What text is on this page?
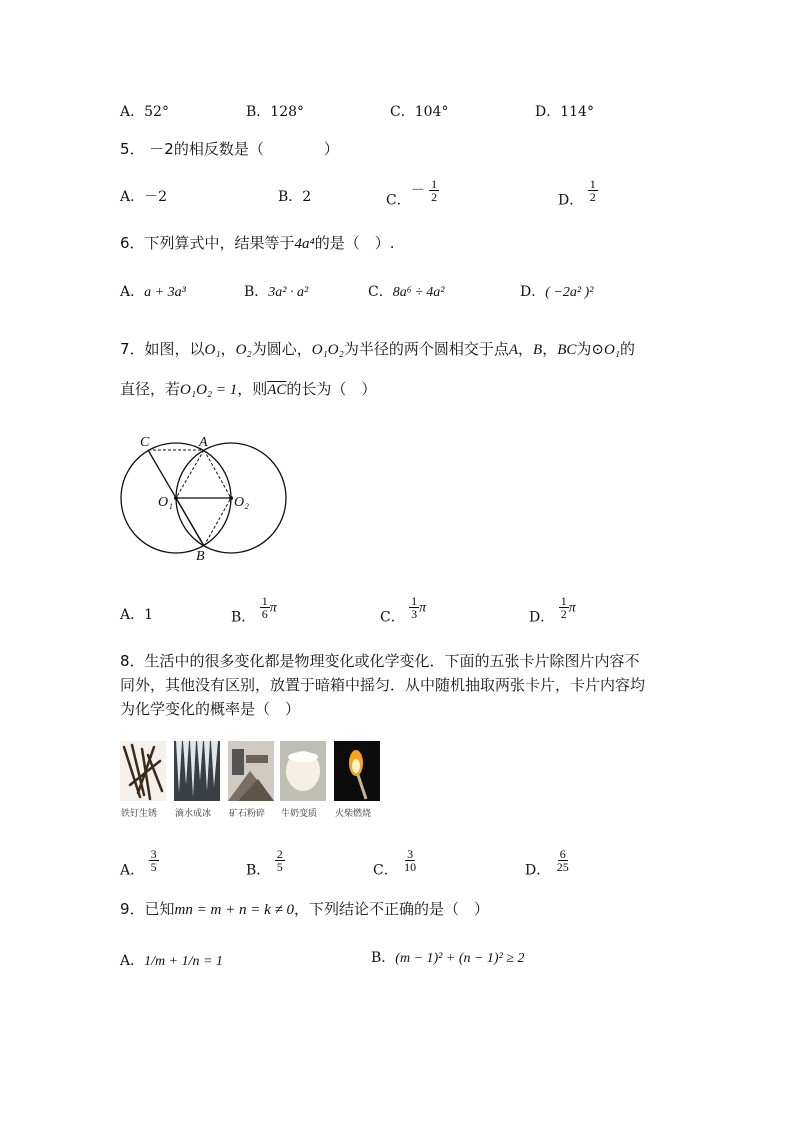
A．52°	B．128°	C．104°	D．114°
5． －2的相反数是（　　　　）
A．－2	B．2	C．－ $\frac{1}{2}$	D． $\frac{1}{2}$
6．下列算式中，结果等于4a⁴的是（　）.
A．a + 3a³	B．3a² · a²	C．8a⁶ ÷ 4a²	D．( −2a² )²
7．如图，以O₁，O₂为圆心，O₁O₂为半径的两个圆相交于点A，B，BC为⊙O₁的
直径，若O₁O₂ = 1，则$\overline{AC}$的长为（　）
C	A
O₁	O₂
B
A．1	B． $\frac{1}{6}$ π
C． $\frac{1}{3}$ π
D． $\frac{1}{2}$ π
8．生活中的很多变化都是物理变化或化学变化．下面的五张卡片除图片内容不
同外，其他没有区别，放置于暗箱中摇匀．从中随机抽取两张卡片，卡片内容均
为化学变化的概率是（　）
铁钉生锈 滴水成冰 矿石粉碎 牛奶变质 火柴燃烧
A． $\frac{3}{5}$	B． $\frac{2}{5}$	C． $\frac{3}{10}$	D． $\frac{6}{25}$
9．已知mn = m + n = k ≠ 0，下列结论不正确的是（　）
A．1/m + 1/n = 1	B．(m − 1)² + (n − 1)² ≥ 2
